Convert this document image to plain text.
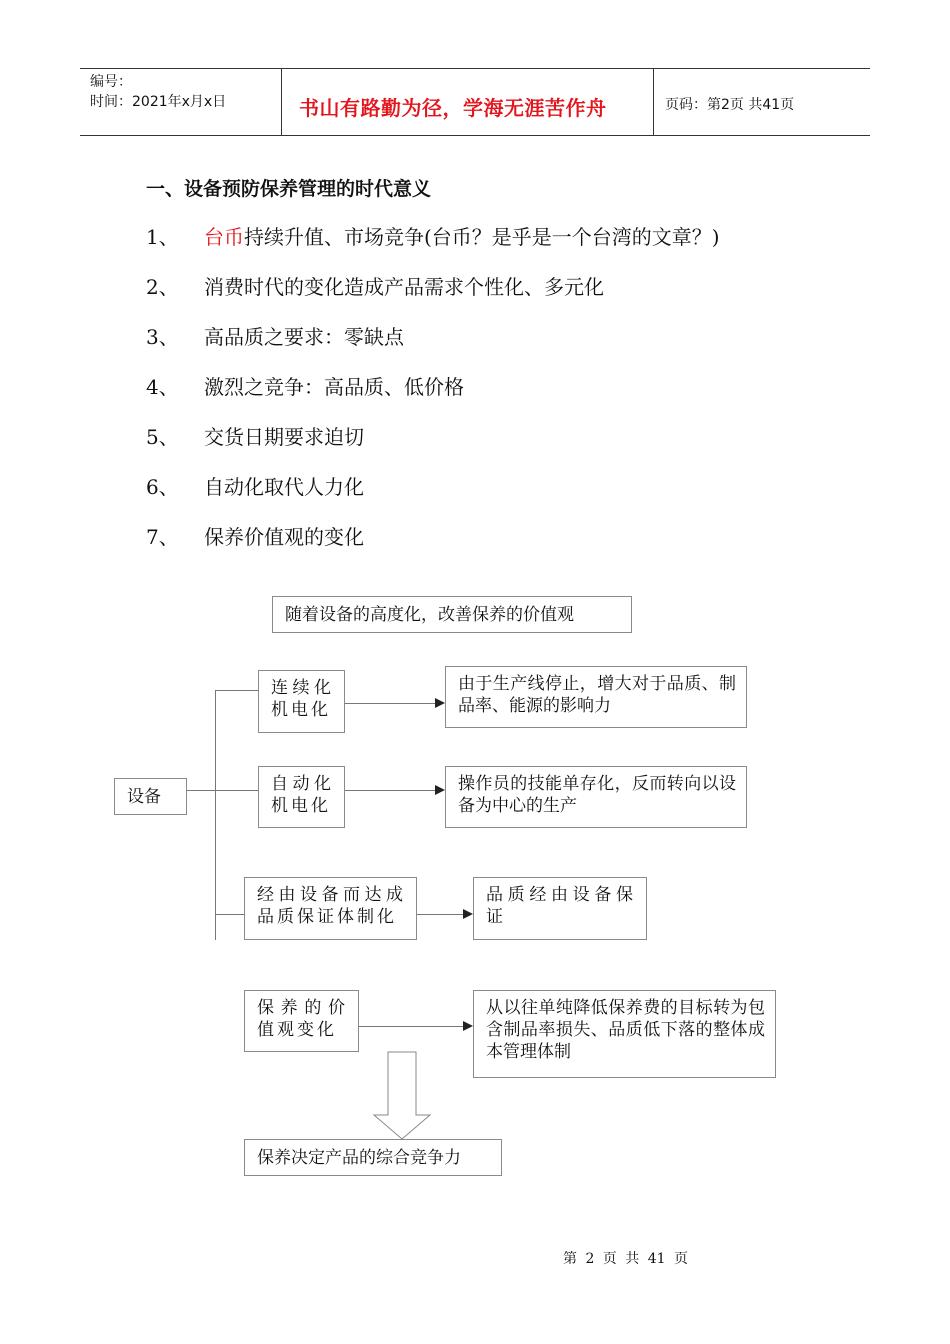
编号：
时间：2021年x月x日	书山有路勤为径，学海无涯苦作舟	页码：第2页 共41页
一、设备预防保养管理的时代意义
1、 台币持续升值、市场竞争(台币？是乎是一个台湾的文章？)
2、 消费时代的变化造成产品需求个性化、多元化
3、 高品质之要求：零缺点
4、 激烈之竞争：高品质、低价格
5、 交货日期要求迫切
6、 自动化取代人力化
7、 保养价值观的变化
随着设备的高度化，改善保养的价值观
设备
连续化机电化
由于生产线停止，增大对于品质、制品率、能源的影响力
自动化机电化
操作员的技能单存化，反而转向以设备为中心的生产
经由设备而达成品质保证体制化
品质经由设备保证
保养的价值观变化
从以往单纯降低保养费的目标转为包含制品率损失、品质低下落的整体成本管理体制
保养决定产品的综合竞争力
第 2 页 共 41 页
